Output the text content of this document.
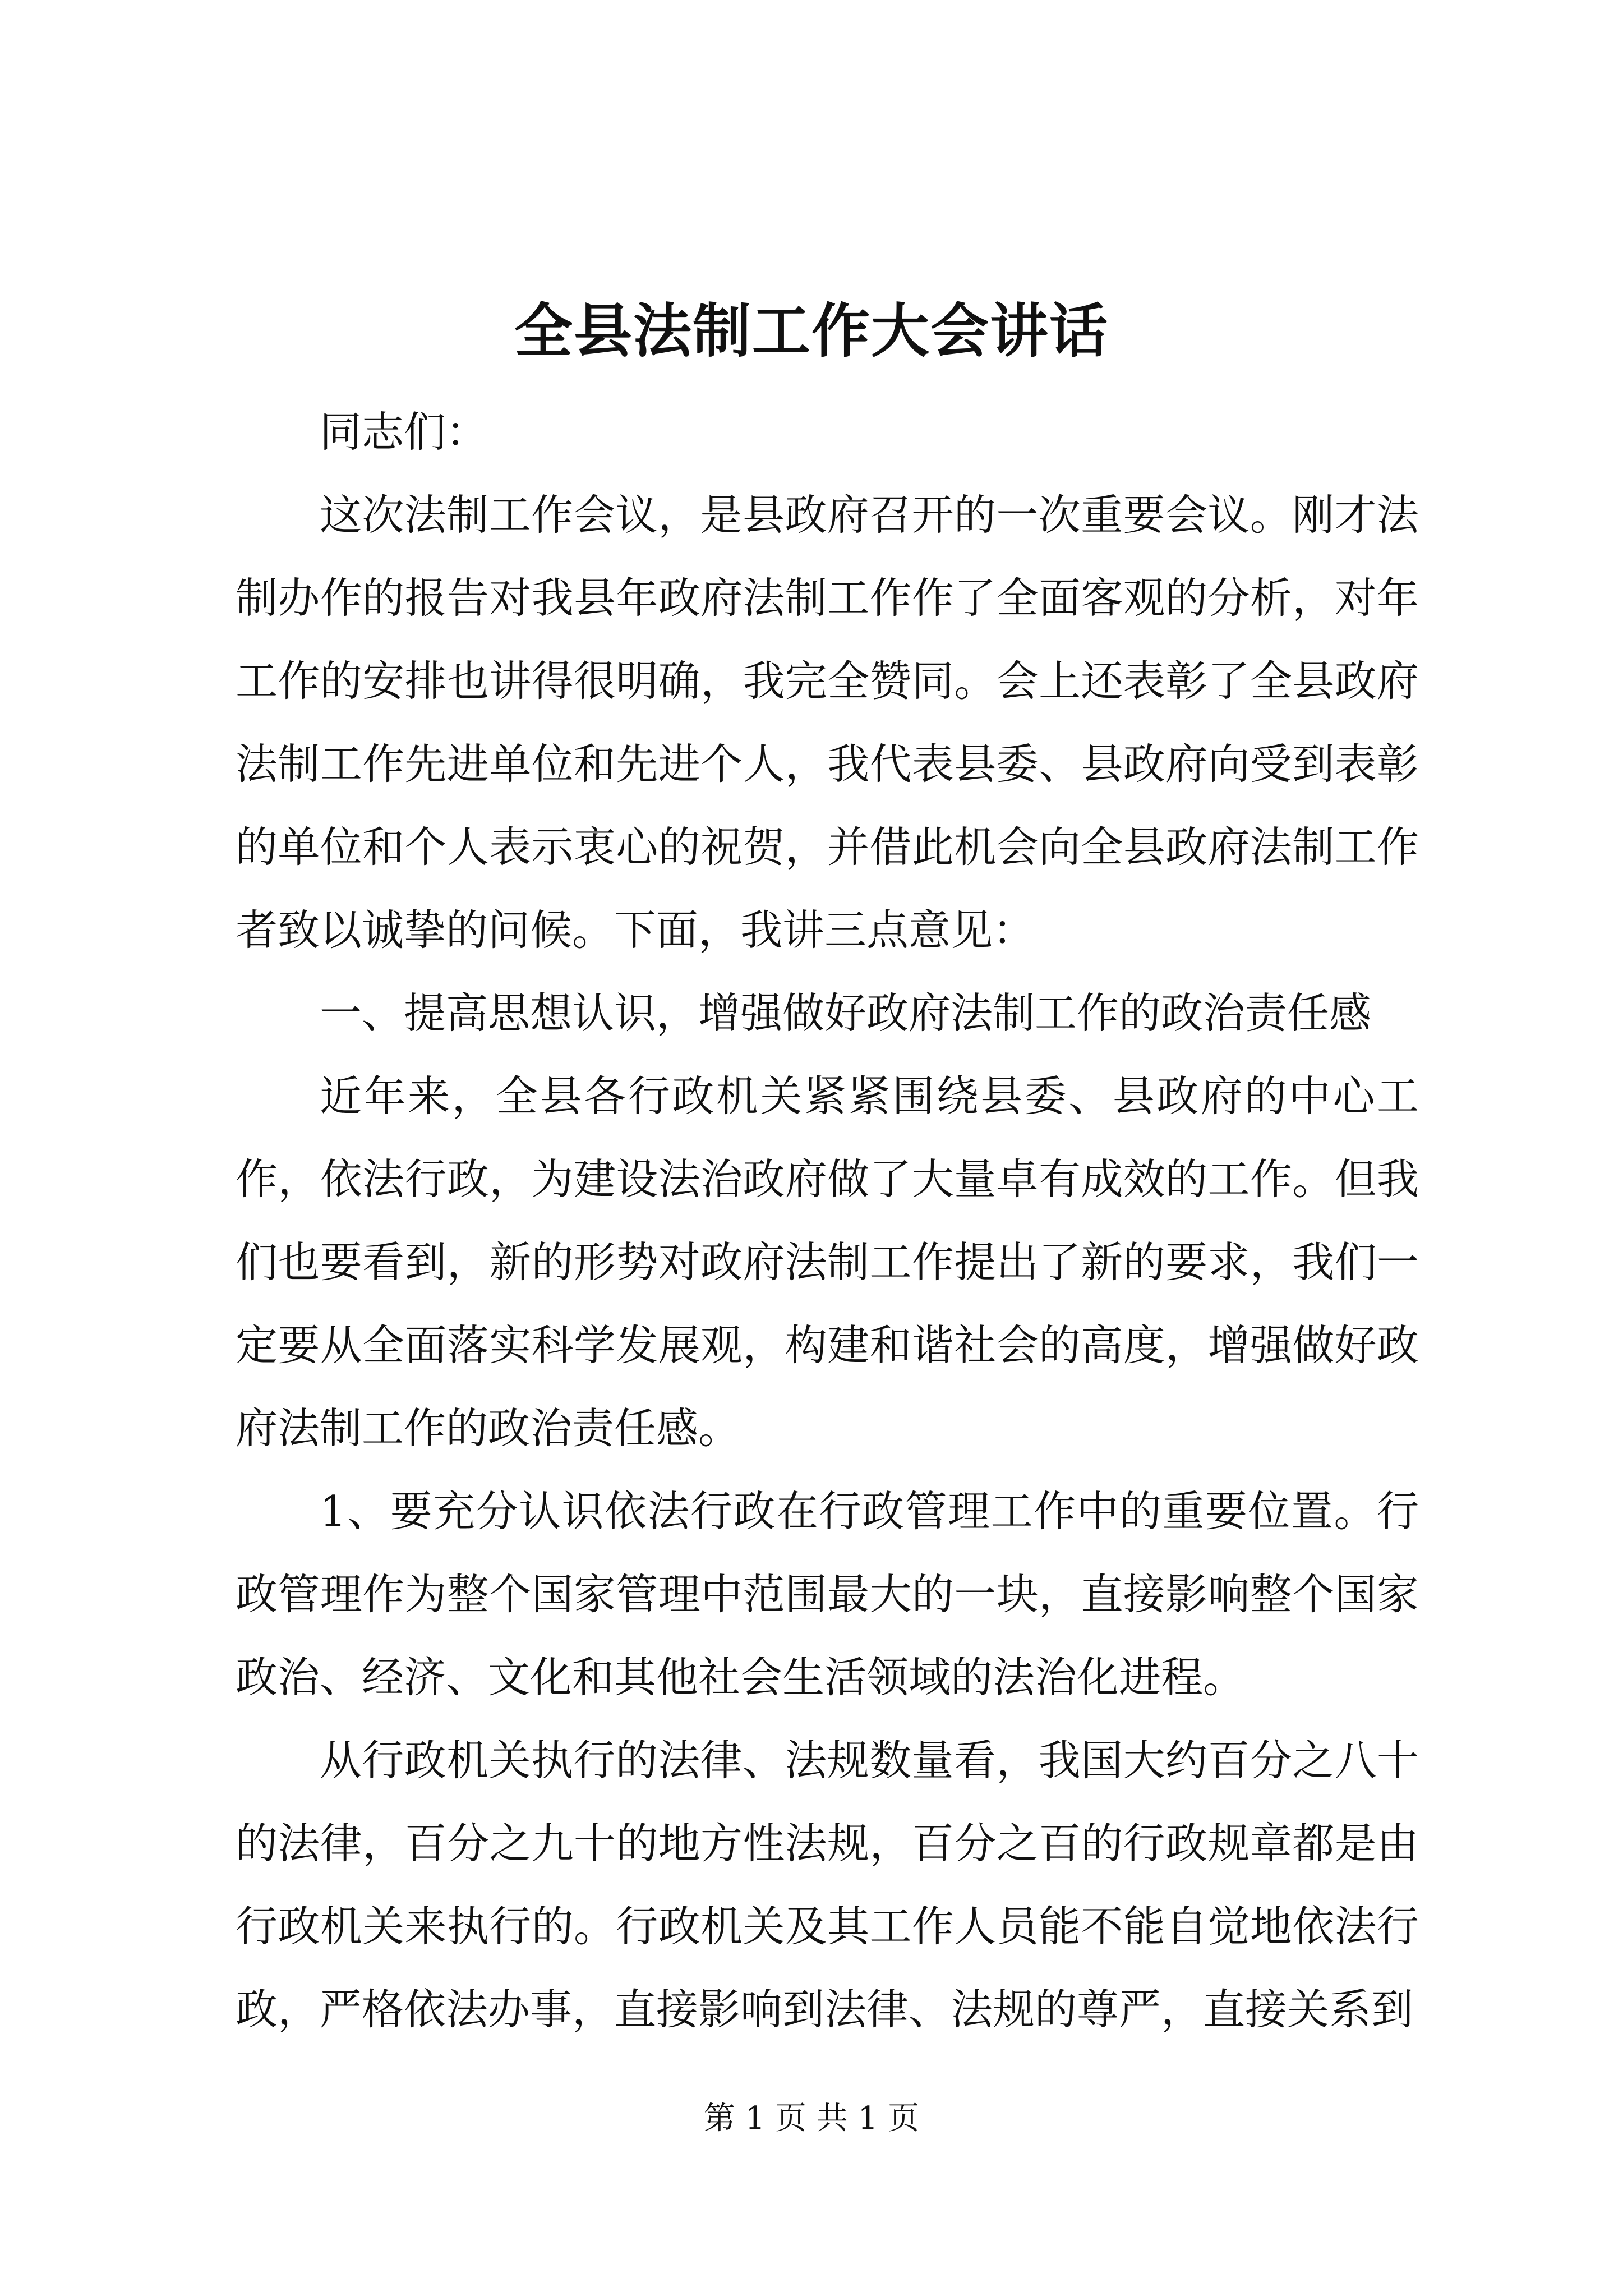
全县法制工作大会讲话

同志们：

这次法制工作会议，是县政府召开的一次重要会议。刚才法制办作的报告对我县年政府法制工作作了全面客观的分析，对年工作的安排也讲得很明确，我完全赞同。会上还表彰了全县政府法制工作先进单位和先进个人，我代表县委、县政府向受到表彰的单位和个人表示衷心的祝贺，并借此机会向全县政府法制工作者致以诚挚的问候。下面，我讲三点意见：

一、提高思想认识，增强做好政府法制工作的政治责任感

近年来，全县各行政机关紧紧围绕县委、县政府的中心工作，依法行政，为建设法治政府做了大量卓有成效的工作。但我们也要看到，新的形势对政府法制工作提出了新的要求，我们一定要从全面落实科学发展观，构建和谐社会的高度，增强做好政府法制工作的政治责任感。

1、要充分认识依法行政在行政管理工作中的重要位置。行政管理作为整个国家管理中范围最大的一块，直接影响整个国家政治、经济、文化和其他社会生活领域的法治化进程。

从行政机关执行的法律、法规数量看，我国大约百分之八十的法律，百分之九十的地方性法规，百分之百的行政规章都是由行政机关来执行的。行政机关及其工作人员能不能自觉地依法行政，严格依法办事，直接影响到法律、法规的尊严，直接关系到

第 1 页 共 1 页
